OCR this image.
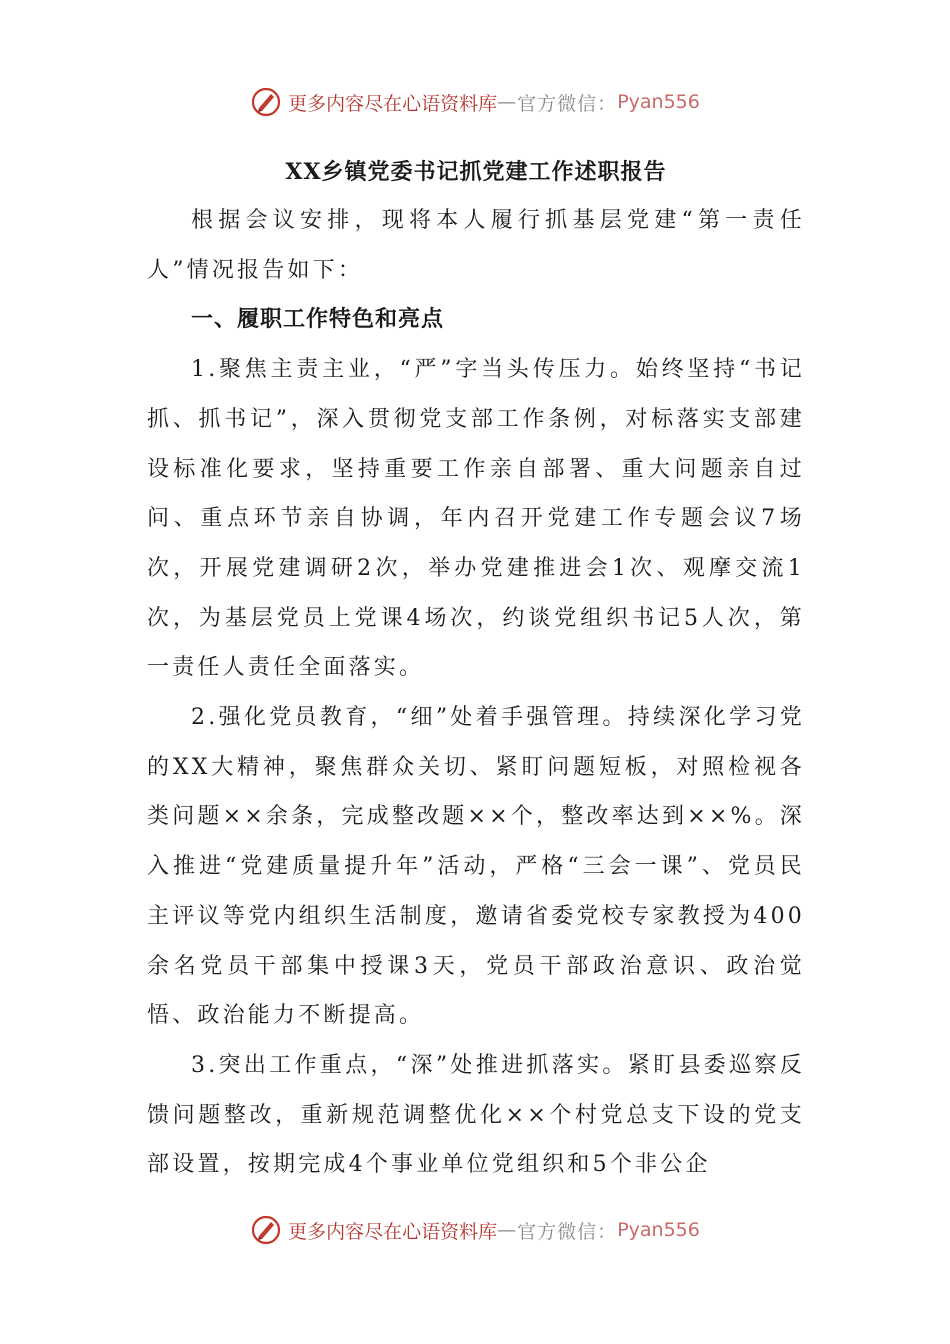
更多内容尽在心语资料库 — 官方微信： Pyan556
XX乡镇党委书记抓党建工作述职报告

根据会议安排，现将本人履行抓基层党建“第一责任人”情况报告如下：

一、履职工作特色和亮点

1.聚焦主责主业，“严”字当头传压力。始终坚持“书记抓、抓书记”，深入贯彻党支部工作条例，对标落实支部建设标准化要求，坚持重要工作亲自部署、重大问题亲自过问、重点环节亲自协调，年内召开党建工作专题会议7场次，开展党建调研2次，举办党建推进会1次、观摩交流1次，为基层党员上党课4场次，约谈党组织书记5人次，第一责任人责任全面落实。

2.强化党员教育，“细”处着手强管理。持续深化学习党的XX大精神，聚焦群众关切、紧盯问题短板，对照检视各类问题××余条，完成整改题××个，整改率达到××%。深入推进“党建质量提升年”活动，严格“三会一课”、党员民主评议等党内组织生活制度，邀请省委党校专家教授为400余名党员干部集中授课3天，党员干部政治意识、政治觉悟、政治能力不断提高。

3.突出工作重点，“深”处推进抓落实。紧盯县委巡察反馈问题整改，重新规范调整优化××个村党总支下设的党支部设置，按期完成4个事业单位党组织和5个非公企

更多内容尽在心语资料库 — 官方微信： Pyan556
